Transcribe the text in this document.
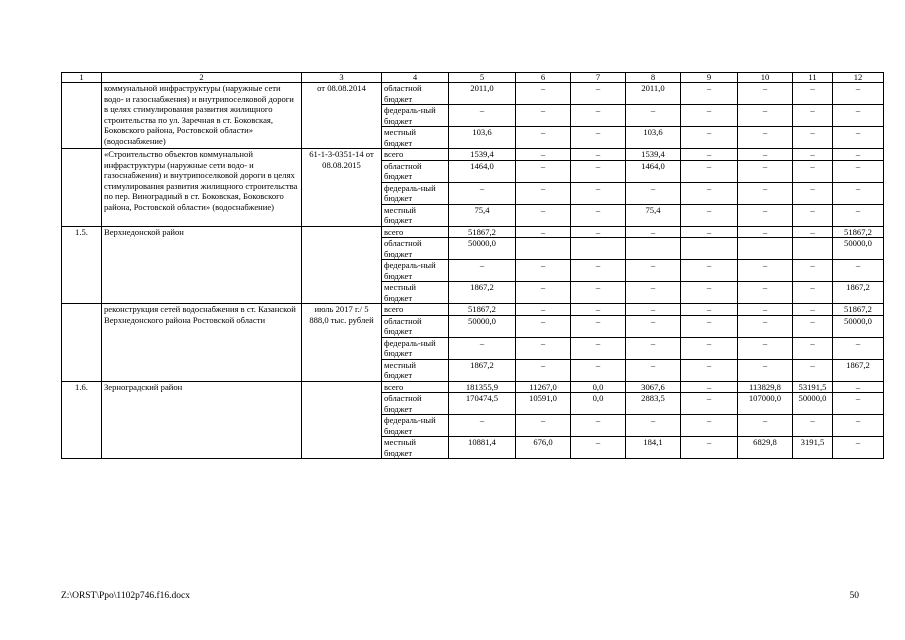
1	2	3	4	5	6	7	8	9	10	11	12
	коммунальной инфраструктуры (наружные сети водо- и газоснабжения) и внутрипоселковой дороги в целях стимулирования развития жилищного строительства по ул. Заречная в ст. Боковская, Боковского района, Ростовской области» (водоснабжение)	от 08.08.2014	областной бюджет	2011,0	–	–	2011,0	–	–	–	–
			федераль-ный бюджет	–	–	–	–	–	–	–	–
			местный бюджет	103,6	–	–	103,6	–	–	–	–
	«Строительство объектов коммунальной инфраструктуры (наружные сети водо- и газоснабжения) и внутрипоселковой дороги в целях стимулирования развития жилищного строительства по пер. Виноградный в ст. Боковская, Боковского района, Ростовской области» (водоснабжение)	61-1-3-0351-14 от 08.08.2015	всего	1539,4	–	–	1539,4	–	–	–	–
			областной бюджет	1464,0	–	–	1464,0	–	–	–	–
			федераль-ный бюджет	–	–	–	–	–	–	–	–
			местный бюджет	75,4	–	–	75,4	–	–	–	–
1.5.	Верхнедонской район		всего	51867,2	–	–	–	–	–	–	51867,2
			областной бюджет	50000,0							50000,0
			федераль-ный бюджет	–	–	–	–	–	–	–	–
			местный бюджет	1867,2	–	–	–	–	–	–	1867,2
	реконструкция сетей водоснабжения в ст. Казанской Верхнедонского района Ростовской области	июль 2017 г./ 5 888,0 тыс. рублей	всего	51867,2	–	–	–	–	–	–	51867,2
			областной бюджет	50000,0	–	–	–	–	–	–	50000,0
			федераль-ный бюджет	–	–	–	–	–	–	–	–
			местный бюджет	1867,2	–	–	–	–	–	–	1867,2
1.6.	Зерноградский район		всего	181355,9	11267,0	0,0	3067,6	–	113829,8	53191,5	–
			областной бюджет	170474,5	10591,0	0,0	2883,5	–	107000,0	50000,0	–
			федераль-ный бюджет	–	–	–	–	–	–	–	–
			местный бюджет	10881,4	676,0	–	184,1	–	6829,8	3191,5	–
Z:\ORST\Ppo\1102p746.f16.docx	50
